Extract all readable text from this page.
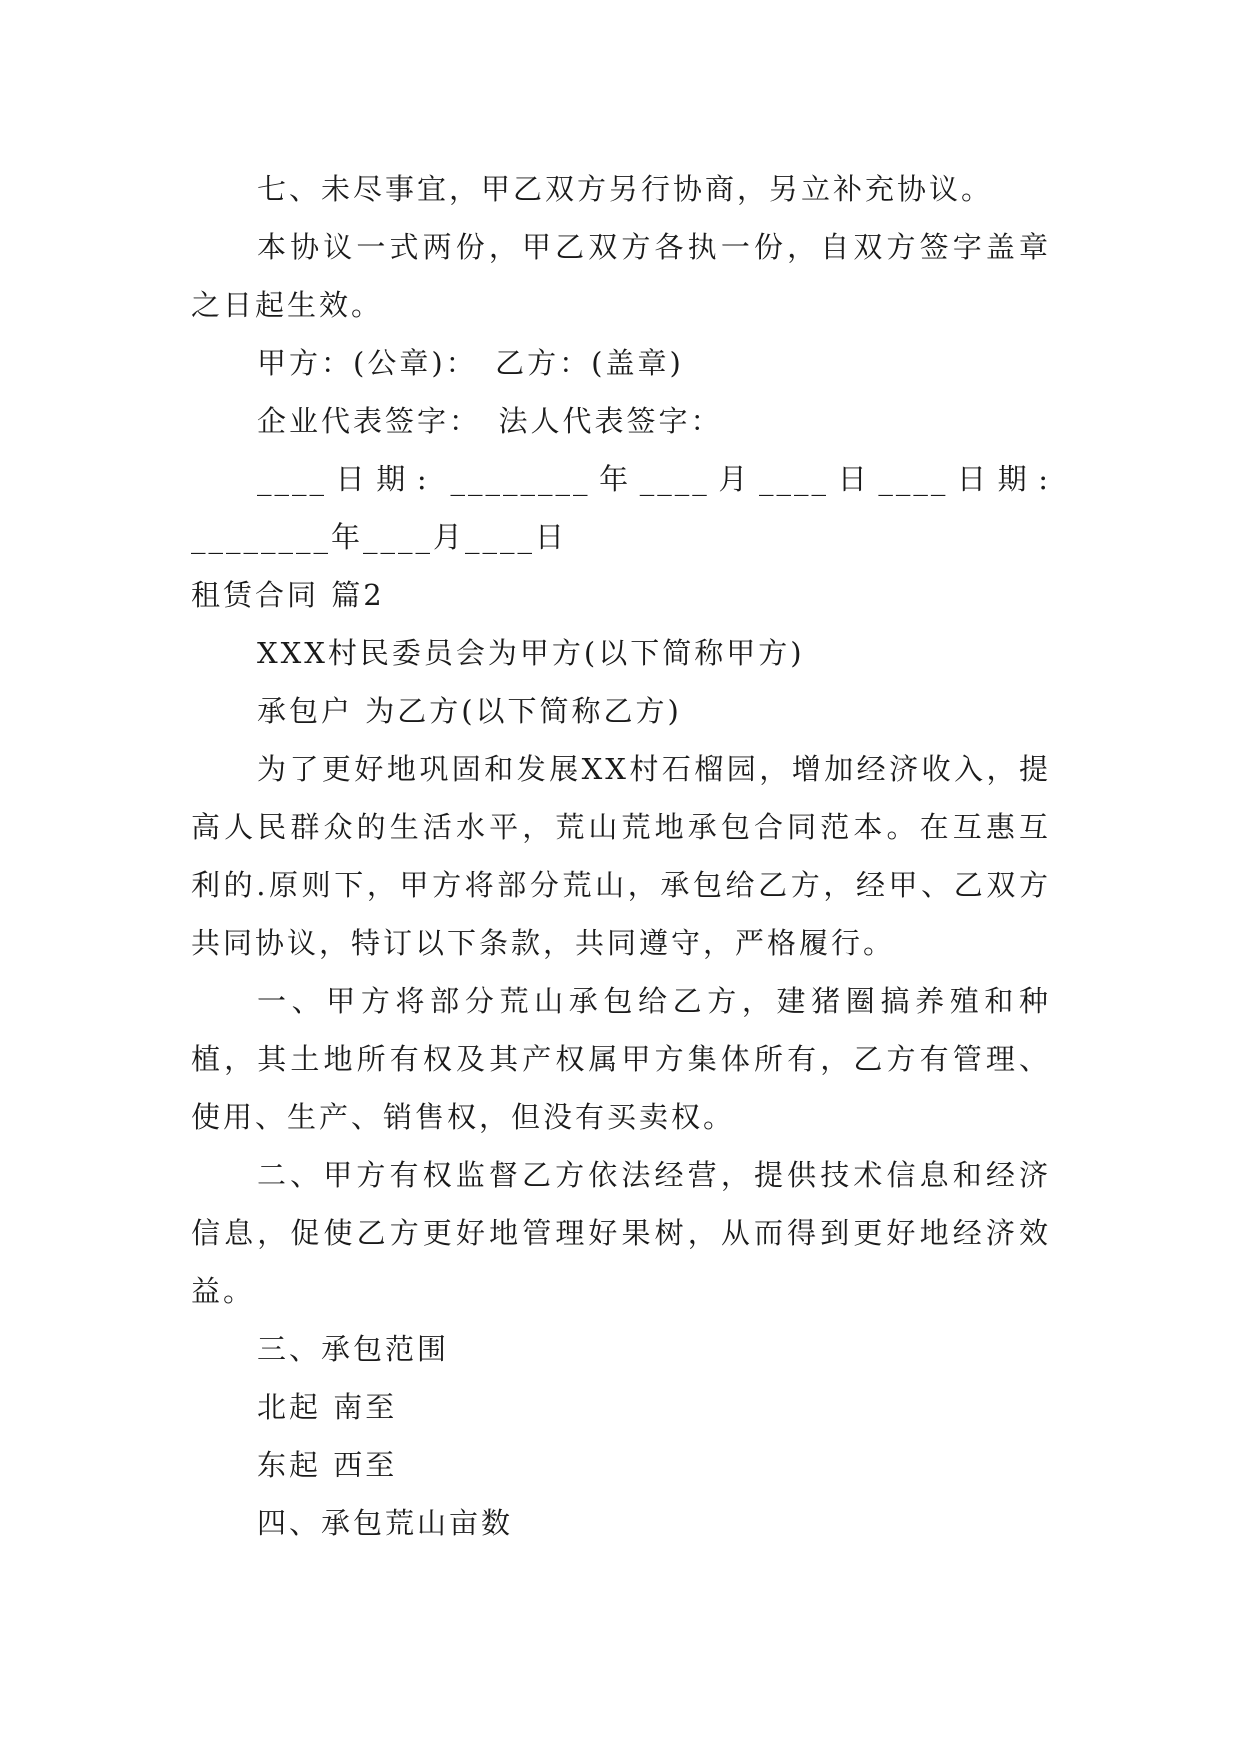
七、未尽事宜，甲乙双方另行协商，另立补充协议。

本协议一式两份，甲乙双方各执一份，自双方签字盖章之日起生效。

甲方：(公章)：　乙方：(盖章)

企业代表签字：　法人代表签字：

____日期: ________年____月____日____日期: ________年____月____日

租赁合同 篇2

XXX村民委员会为甲方(以下简称甲方)

承包户 为乙方(以下简称乙方)

为了更好地巩固和发展XX村石榴园，增加经济收入，提高人民群众的生活水平，荒山荒地承包合同范本。在互惠互利的.原则下，甲方将部分荒山，承包给乙方，经甲、乙双方共同协议，特订以下条款，共同遵守，严格履行。

一、甲方将部分荒山承包给乙方，建猪圈搞养殖和种植，其土地所有权及其产权属甲方集体所有，乙方有管理、使用、生产、销售权，但没有买卖权。

二、甲方有权监督乙方依法经营，提供技术信息和经济信息，促使乙方更好地管理好果树，从而得到更好地经济效益。

三、承包范围

北起 南至

东起 西至

四、承包荒山亩数
